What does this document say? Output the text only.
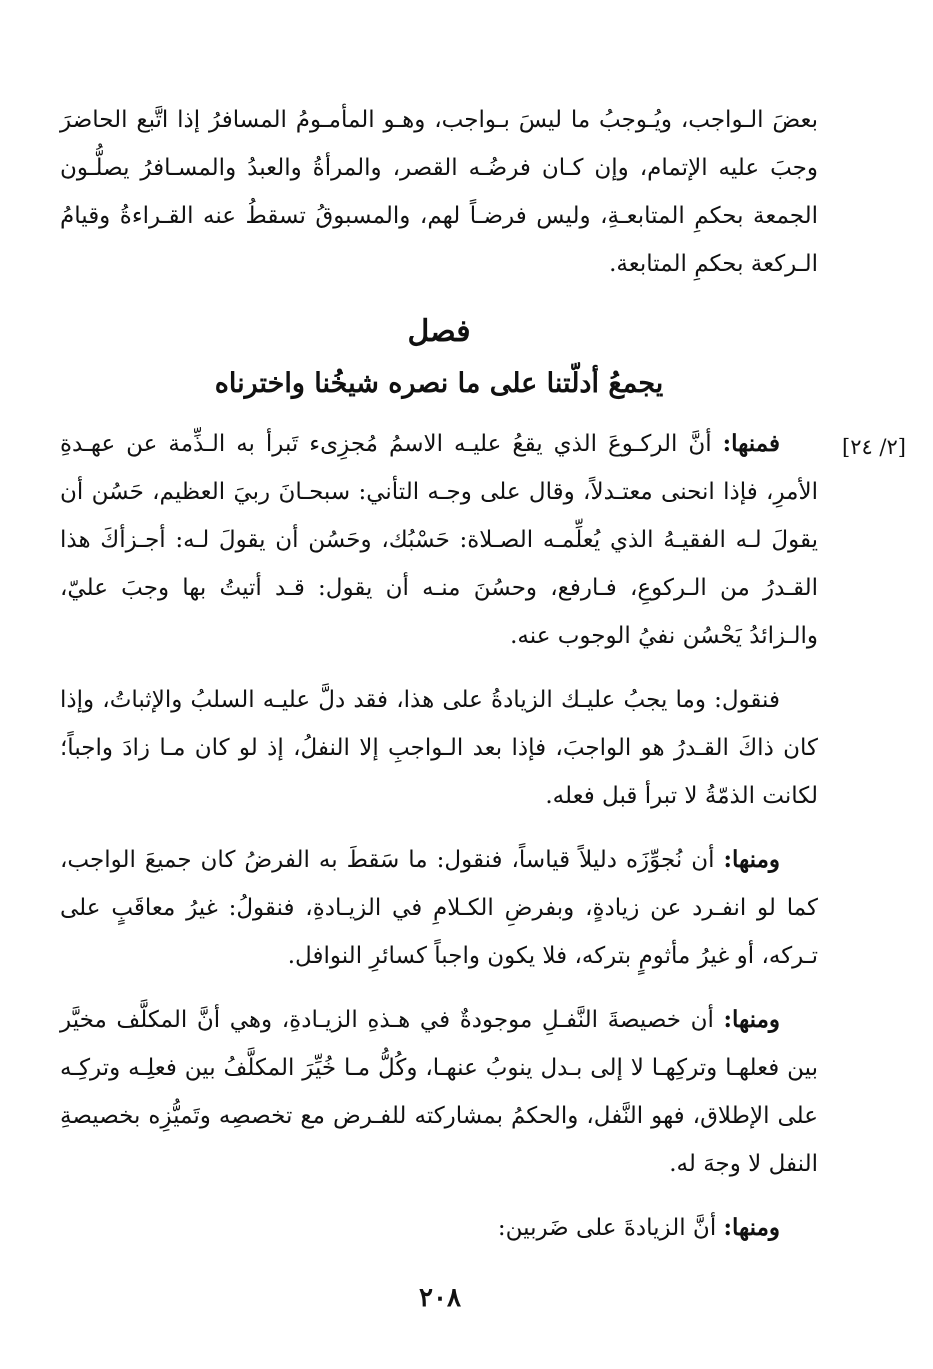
بعضَ الـواجب، ويُـوجبُ ما ليسَ بـواجب، وهـو المأمـومُ المسافرُ إذا اتَّبع الحاضرَ وجبَ عليه الإتمام، وإن كـان فرضُـه القصر، والمرأةُ والعبدُ والمسـافرُ يصلُّـون الجمعة بحكمِ المتابعـةِ، وليس فرضـاً لهم، والمسبوقُ تسقطُ عنه القـراءةُ وقيامُ الـركعة بحكمِ المتابعة.

فصل
يجمعُ أدلّتنا على ما نصره شيخُنا واخترناه

فمنها: أنَّ الركـوعَ الذي يقعُ عليـه الاسمُ مُجزِىء تَبرأ به الـذِّمة عن عهـدةِ الأمرِ، فإذا انحنى معتـدلاً، وقال على وجـه التأني: سبحـانَ ربيَ العظيم، حَسُن أن يقولَ لـه الفقيـهُ الذي يُعلِّمـه الصـلاة: حَسْبُك، وحَسُن أن يقولَ لـه: أجـزأكَ هذا القـدرُ من الـركوعِ، فـارفع، وحسُنَ منـه أن يقول: قـد أتيتُ بها وجبَ عليّ، والـزائدُ يَحْسُن نفيُ الوجوب عنه.

فنقول: وما يجبُ عليـك الزيادةُ على هذا، فقد دلَّ عليـه السلبُ والإثباتُ، وإذا كان ذاكَ القـدرُ هو الواجبَ، فإذا بعد الـواجبِ إلا النفلُ، إذ لو كان مـا زادَ واجباً؛ لكانت الذمّةُ لا تبرأ قبل فعله.

ومنها: أن نُجوِّزَه دليلاً قياساً، فنقول: ما سَقطَ به الفرضُ كان جميعَ الواجب، كما لو انفـرد عن زيادةٍ، وبفرضِ الكـلامِ في الزيـادةِ، فنقولُ: غيرُ معاقَبٍ على تـركه، أو غيرُ مأثومٍ بتركه، فلا يكون واجباً كسائرِ النوافل.

ومنها: أن خصيصةَ النَّفـلِ موجودةٌ في هـذهِ الزيـادةِ، وهي أنَّ المكلَّف مخيَّر بين فعلهـا وتركِهـا لا إلى بـدل ينوبُ عنهـا، وكُلُّ مـا خُيِّرَ المكلَّفُ بين فعلِـه وتركِـه على الإطلاق، فهو النَّفل، والحكمُ بمشاركته للفـرض مع تخصصِه وتَميُّزِه بخصيصةِ النفل لا وجهَ له.

ومنها: أنَّ الزيادةَ على ضَربين:

[٢/ ٢٤]
٢٠٨
